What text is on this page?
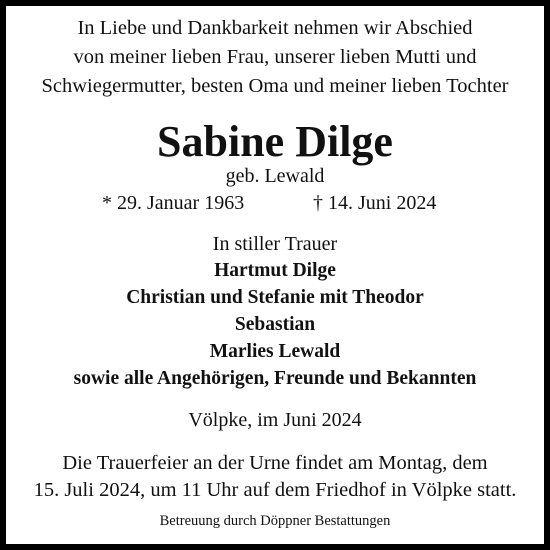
In Liebe und Dankbarkeit nehmen wir Abschied
von meiner lieben Frau, unserer lieben Mutti und
Schwiegermutter, besten Oma und meiner lieben Tochter
Sabine Dilge
geb. Lewald
* 29. Januar 1963	† 14. Juni 2024
In stiller Trauer
Hartmut Dilge
Christian und Stefanie mit Theodor
Sebastian
Marlies Lewald
sowie alle Angehörigen, Freunde und Bekannten
Völpke, im Juni 2024
Die Trauerfeier an der Urne findet am Montag, dem
15. Juli 2024, um 11 Uhr auf dem Friedhof in Völpke statt.
Betreuung durch Döppner Bestattungen
